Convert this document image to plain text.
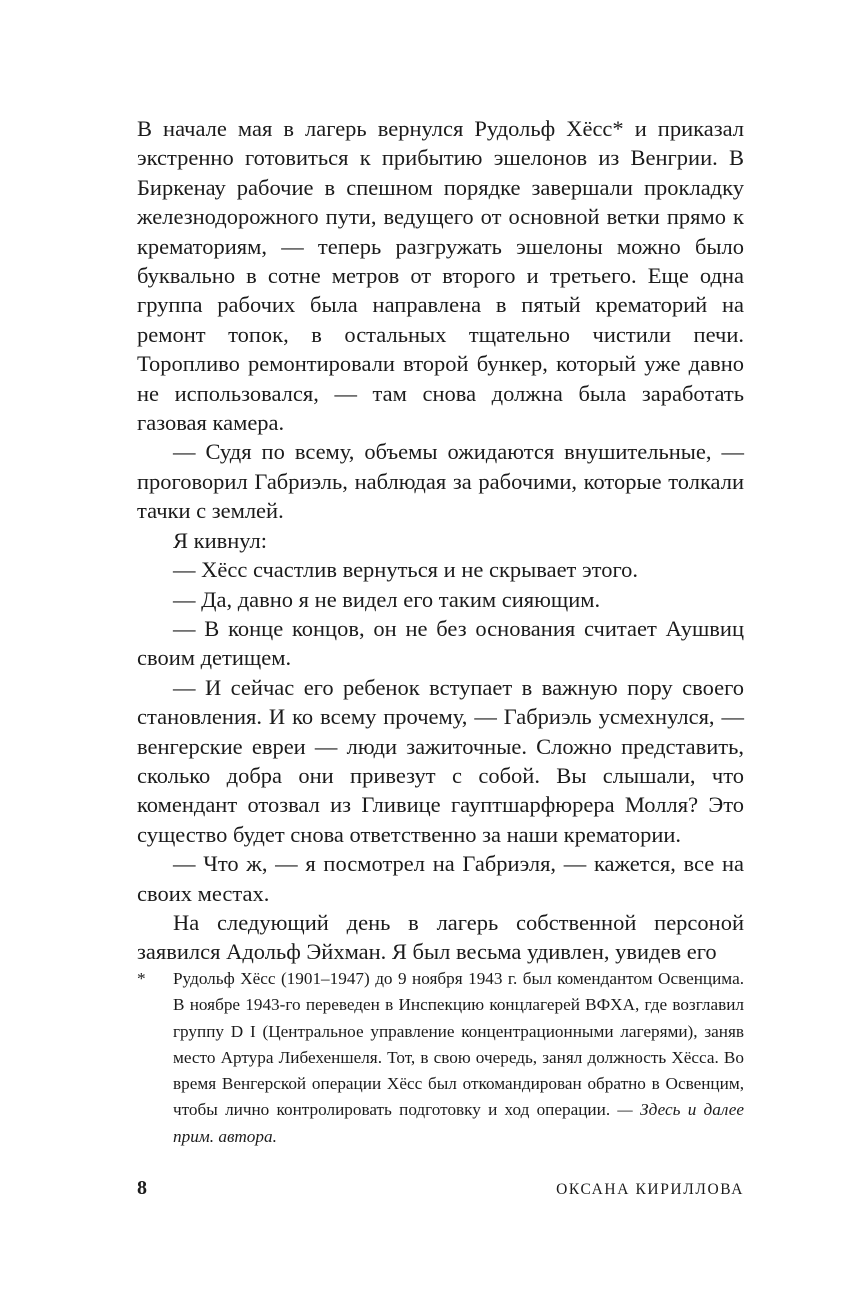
В начале мая в лагерь вернулся Рудольф Хёсс* и приказал экстренно готовиться к прибытию эшелонов из Венгрии. В Биркенау рабочие в спешном порядке завершали прокладку железнодорожного пути, ведущего от основной ветки прямо к крематориям, — теперь разгружать эшелоны можно было буквально в сотне метров от второго и третьего. Еще одна группа рабочих была направлена в пятый крематорий на ремонт топок, в остальных тщательно чистили печи. Торопливо ремонтировали второй бункер, который уже давно не использовался, — там снова должна была заработать газовая камера.

— Судя по всему, объемы ожидаются внушительные, — проговорил Габриэль, наблюдая за рабочими, которые толкали тачки с землей.

Я кивнул:

— Хёсс счастлив вернуться и не скрывает этого.

— Да, давно я не видел его таким сияющим.

— В конце концов, он не без основания считает Аушвиц своим детищем.

— И сейчас его ребенок вступает в важную пору своего становления. И ко всему прочему, — Габриэль усмехнулся, — венгерские евреи — люди зажиточные. Сложно представить, сколько добра они привезут с собой. Вы слышали, что комендант отозвал из Гливице гауптшарфюрера Молля? Это существо будет снова ответственно за наши крематории.

— Что ж, — я посмотрел на Габриэля, — кажется, все на своих местах.

На следующий день в лагерь собственной персоной заявился Адольф Эйхман. Я был весьма удивлен, увидев его

*	Рудольф Хёсс (1901–1947) до 9 ноября 1943 г. был комендантом Освенцима. В ноябре 1943-го переведен в Инспекцию концлагерей ВФХА, где возглавил группу D I (Центральное управление концентрационными лагерями), заняв место Артура Либехеншеля. Тот, в свою очередь, занял должность Хёсса. Во время Венгерской операции Хёсс был откомандирован обратно в Освенцим, чтобы лично контролировать подготовку и ход операции. — Здесь и далее прим. автора.
8	ОКСАНА КИРИЛЛОВА
